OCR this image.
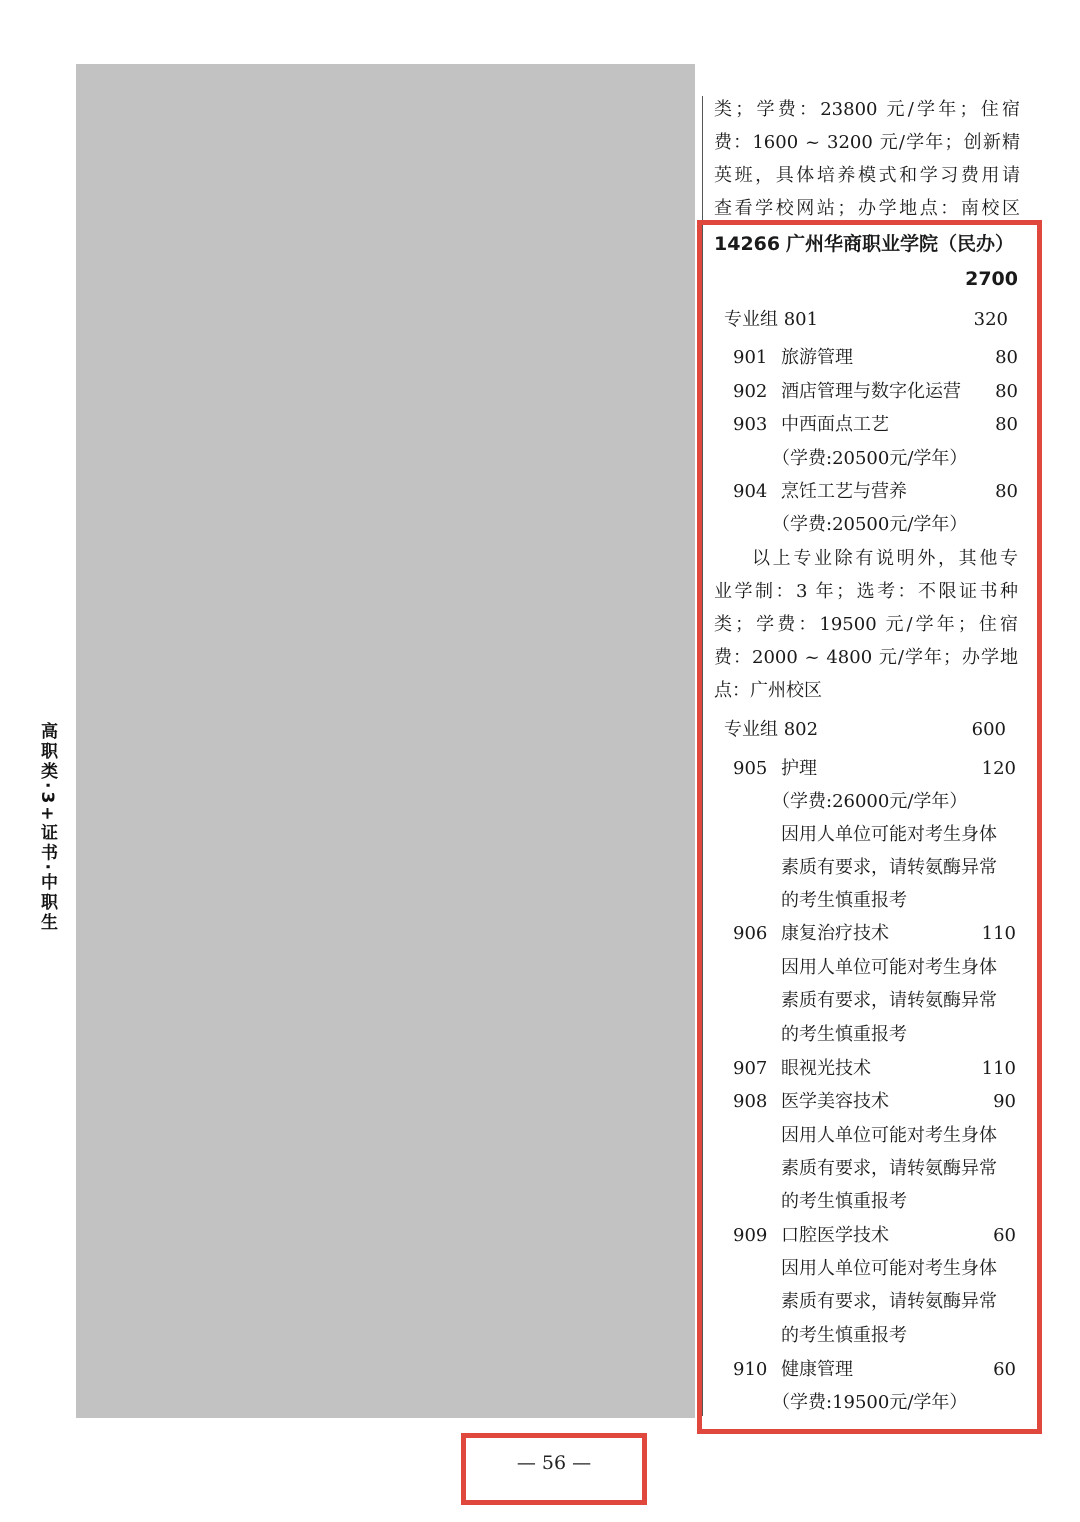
高职类·3+证书·中职生
类；学费：23800 元/学年；住宿
费：1600 ~ 3200 元/学年；创新精
英班，具体培养模式和学习费用请
查看学校网站；办学地点：南校区
14266 广州华商职业学院（民办）
2700
专业组 801	320
901 旅游管理	80
902 酒店管理与数字化运营	80
903 中西面点工艺	80
（学费:20500元/学年）
904 烹饪工艺与营养	80
（学费:20500元/学年）
以上专业除有说明外，其他专
业学制：3 年；选考：不限证书种
类；学费：19500 元/学年；住宿
费：2000 ~ 4800 元/学年；办学地
点：广州校区
专业组 802	600
905 护理	120
（学费:26000元/学年）
因用人单位可能对考生身体
素质有要求，请转氨酶异常
的考生慎重报考
906 康复治疗技术	110
因用人单位可能对考生身体
素质有要求，请转氨酶异常
的考生慎重报考
907 眼视光技术	110
908 医学美容技术	90
因用人单位可能对考生身体
素质有要求，请转氨酶异常
的考生慎重报考
909 口腔医学技术	60
因用人单位可能对考生身体
素质有要求，请转氨酶异常
的考生慎重报考
910 健康管理	60
（学费:19500元/学年）
— 56 —
